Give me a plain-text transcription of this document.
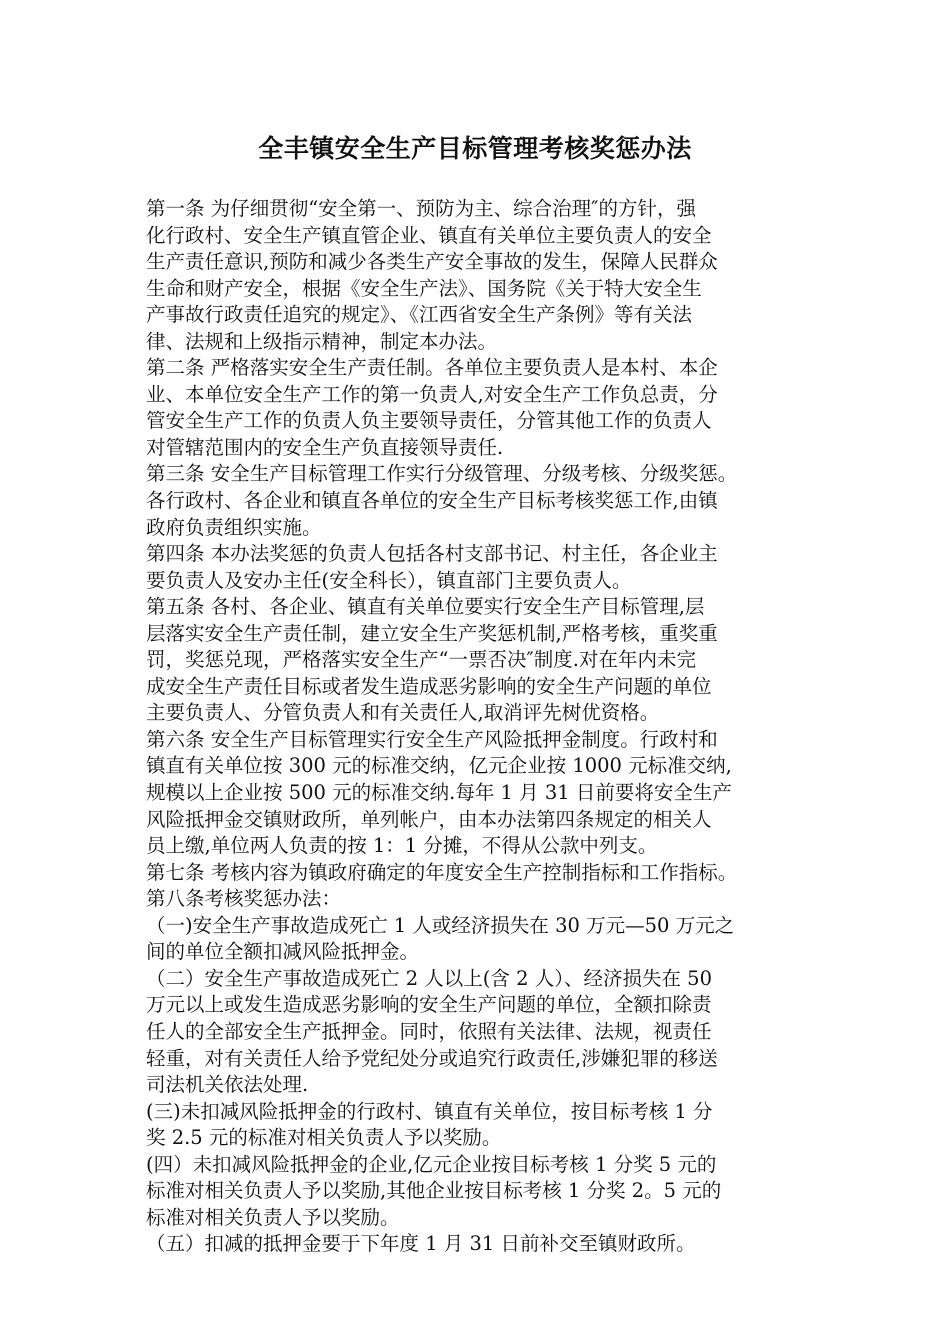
全丰镇安全生产目标管理考核奖惩办法
第一条 为仔细贯彻“安全第一、预防为主、综合治理″的方针，强
化行政村、安全生产镇直管企业、镇直有关单位主要负责人的安全
生产责任意识,预防和减少各类生产安全事故的发生，保障人民群众
生命和财产安全，根据《安全生产法》、国务院《关于特大安全生
产事故行政责任追究的规定》、《江西省安全生产条例》等有关法
律、法规和上级指示精神，制定本办法。
第二条 严格落实安全生产责任制。各单位主要负责人是本村、本企
业、本单位安全生产工作的第一负责人,对安全生产工作负总责，分
管安全生产工作的负责人负主要领导责任，分管其他工作的负责人
对管辖范围内的安全生产负直接领导责任.
第三条 安全生产目标管理工作实行分级管理、分级考核、分级奖惩。
各行政村、各企业和镇直各单位的安全生产目标考核奖惩工作,由镇
政府负责组织实施。
第四条 本办法奖惩的负责人包括各村支部书记、村主任，各企业主
要负责人及安办主任(安全科长），镇直部门主要负责人。
第五条 各村、各企业、镇直有关单位要实行安全生产目标管理,层
层落实安全生产责任制，建立安全生产奖惩机制,严格考核，重奖重
罚，奖惩兑现，严格落实安全生产“一票否决″制度.对在年内未完
成安全生产责任目标或者发生造成恶劣影响的安全生产问题的单位
主要负责人、分管负责人和有关责任人,取消评先树优资格。
第六条 安全生产目标管理实行安全生产风险抵押金制度。行政村和
镇直有关单位按 300 元的标准交纳，亿元企业按 1000 元标准交纳,
规模以上企业按 500 元的标准交纳.每年 1 月 31 日前要将安全生产
风险抵押金交镇财政所，单列帐户，由本办法第四条规定的相关人
员上缴,单位两人负责的按 1：1 分摊，不得从公款中列支。
第七条 考核内容为镇政府确定的年度安全生产控制指标和工作指标。
第八条考核奖惩办法：
（一)安全生产事故造成死亡 1 人或经济损失在 30 万元—50 万元之
间的单位全额扣减风险抵押金。
（二）安全生产事故造成死亡 2 人以上(含 2 人）、经济损失在 50
万元以上或发生造成恶劣影响的安全生产问题的单位，全额扣除责
任人的全部安全生产抵押金。同时，依照有关法律、法规，视责任
轻重，对有关责任人给予党纪处分或追究行政责任,涉嫌犯罪的移送
司法机关依法处理.
(三)未扣减风险抵押金的行政村、镇直有关单位，按目标考核 1 分
奖 2.5 元的标准对相关负责人予以奖励。
(四）未扣减风险抵押金的企业,亿元企业按目标考核 1 分奖 5 元的
标准对相关负责人予以奖励,其他企业按目标考核 1 分奖 2。5 元的
标准对相关负责人予以奖励。
（五）扣减的抵押金要于下年度 1 月 31 日前补交至镇财政所。
